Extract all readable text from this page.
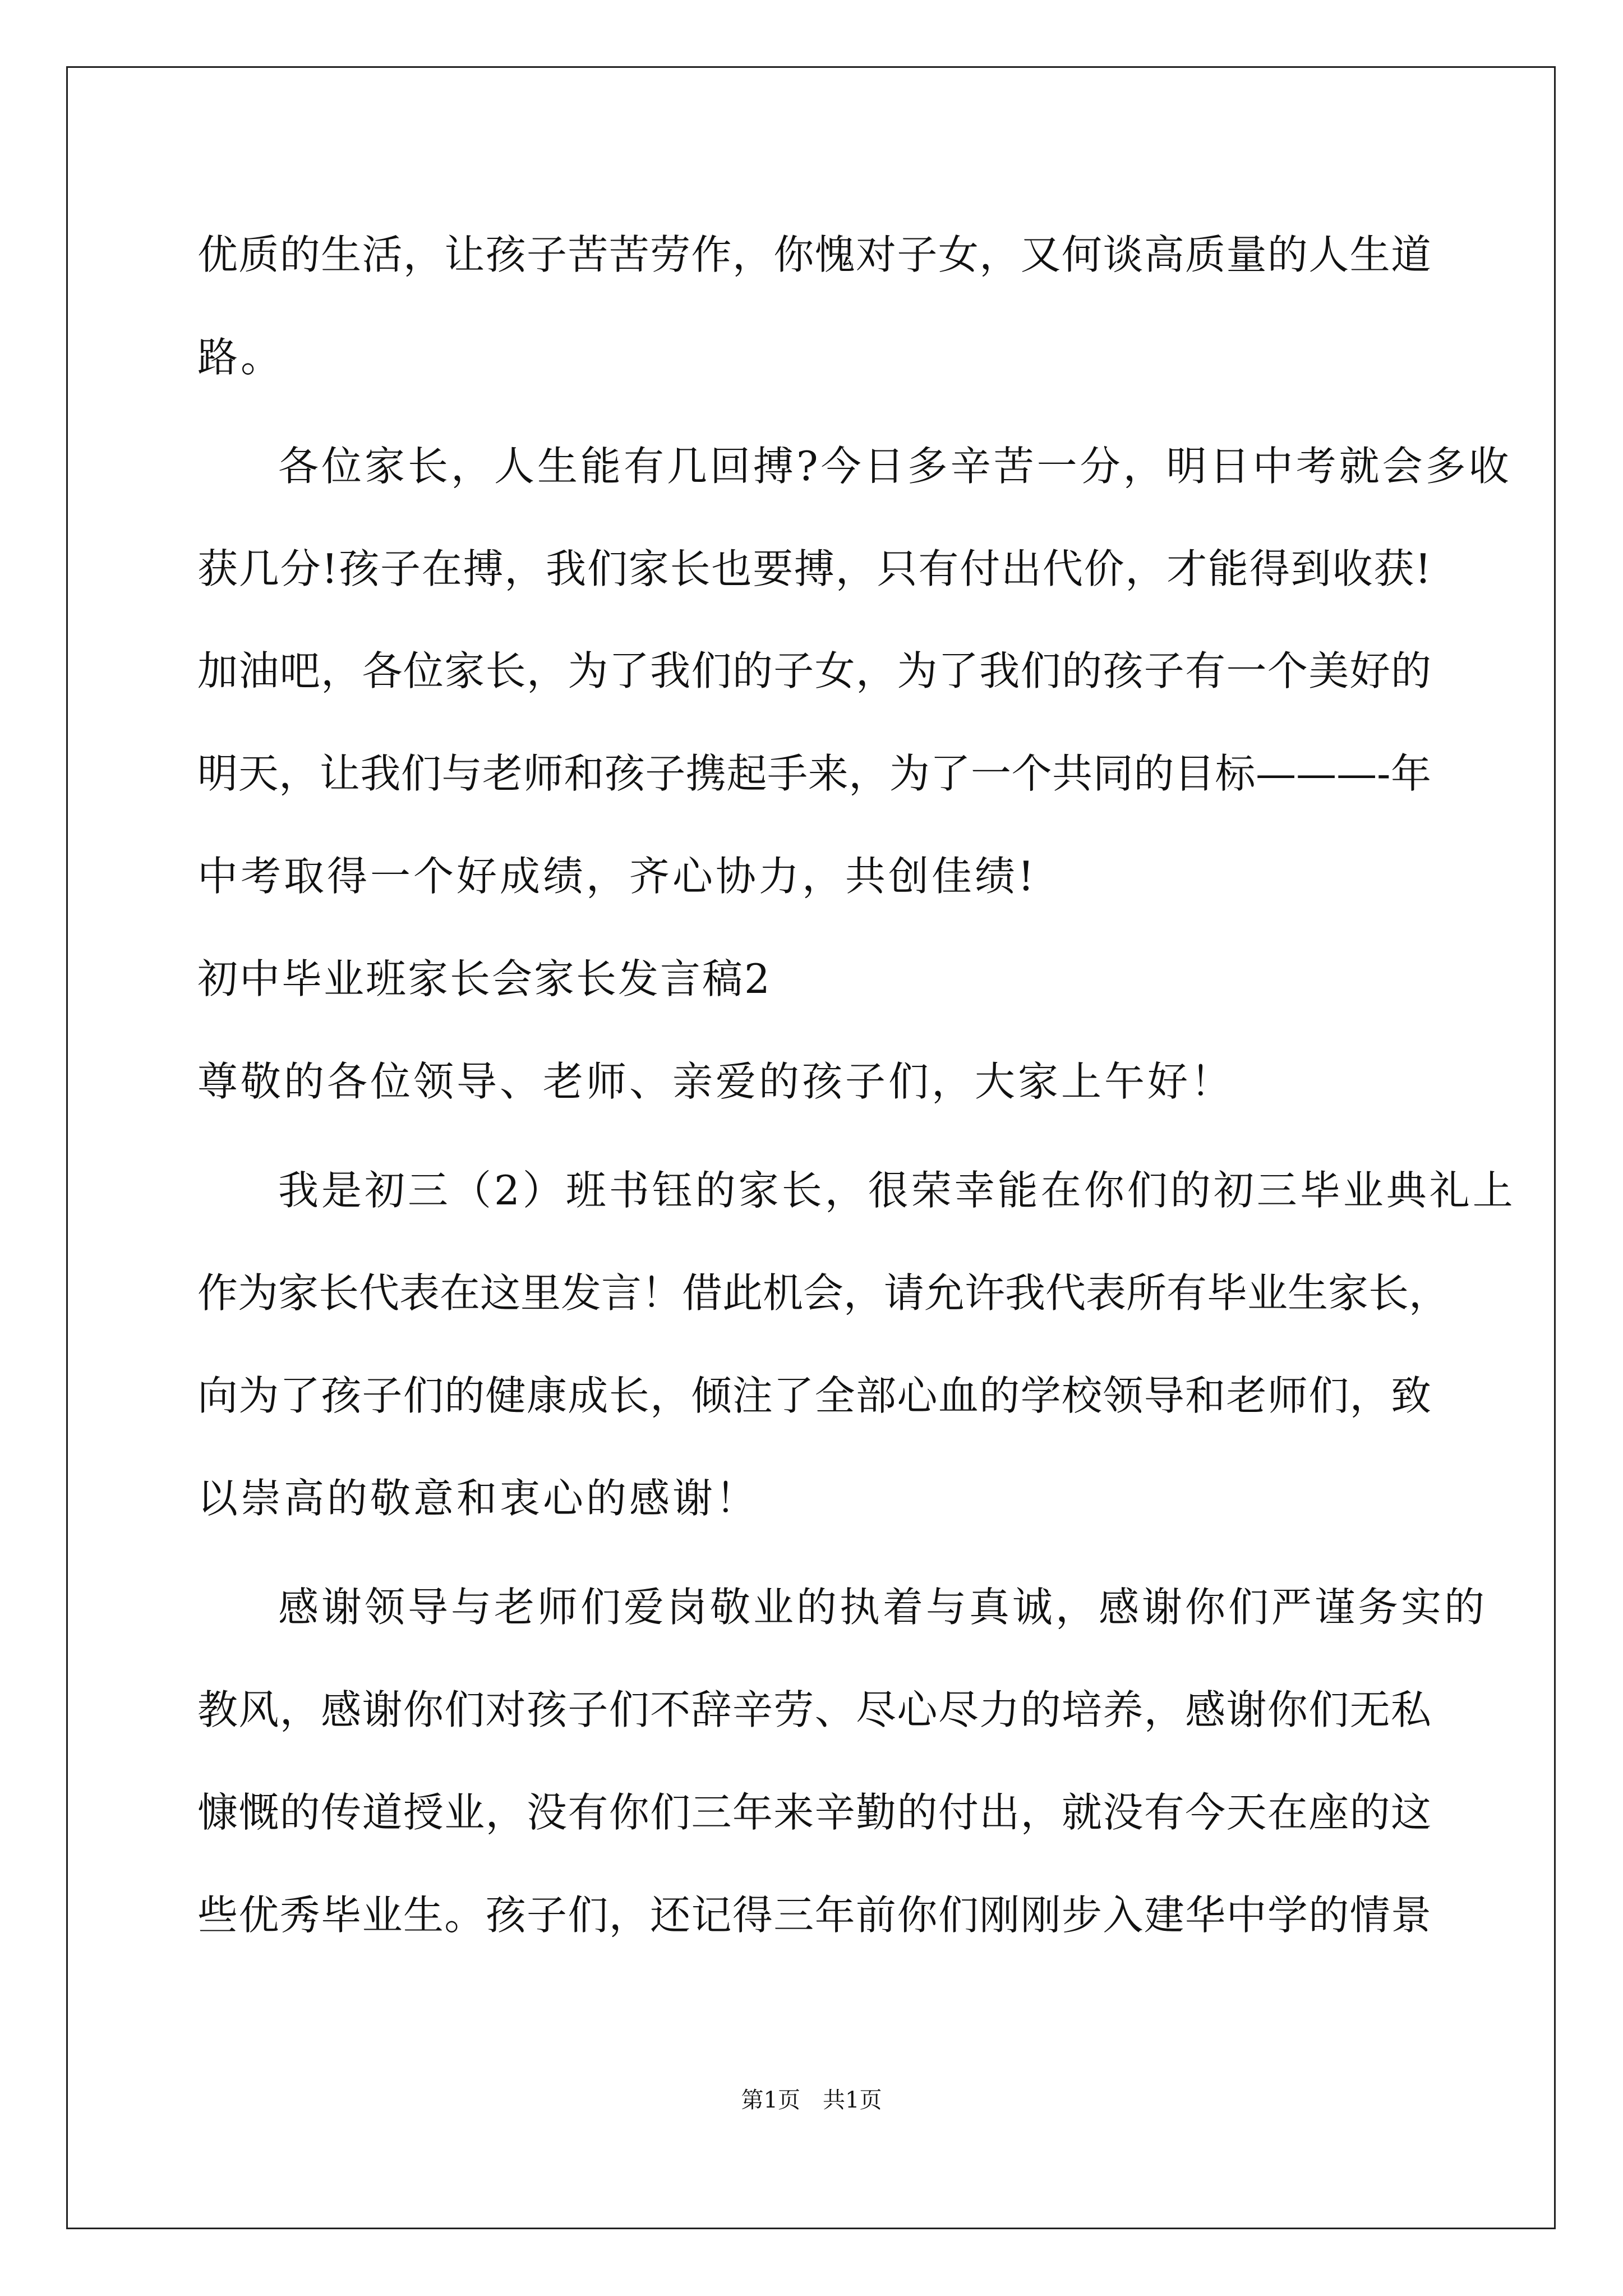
优质的生活，让孩子苦苦劳作，你愧对子女，又何谈高质量的人生道
路。
各位家长，人生能有几回搏?今日多辛苦一分，明日中考就会多收
获几分!孩子在搏，我们家长也要搏，只有付出代价，才能得到收获!
加油吧，各位家长，为了我们的子女，为了我们的孩子有一个美好的
明天，让我们与老师和孩子携起手来，为了一个共同的目标———-年
中考取得一个好成绩，齐心协力，共创佳绩!
初中毕业班家长会家长发言稿2
尊敬的各位领导、老师、亲爱的孩子们，大家上午好！
我是初三（2）班书钰的家长，很荣幸能在你们的初三毕业典礼上
作为家长代表在这里发言！借此机会，请允许我代表所有毕业生家长，
向为了孩子们的健康成长，倾注了全部心血的学校领导和老师们，致
以崇高的敬意和衷心的感谢！
感谢领导与老师们爱岗敬业的执着与真诚，感谢你们严谨务实的
教风，感谢你们对孩子们不辞辛劳、尽心尽力的培养，感谢你们无私
慷慨的传道授业，没有你们三年来辛勤的付出，就没有今天在座的这
些优秀毕业生。孩子们，还记得三年前你们刚刚步入建华中学的情景
第1页 共1页
